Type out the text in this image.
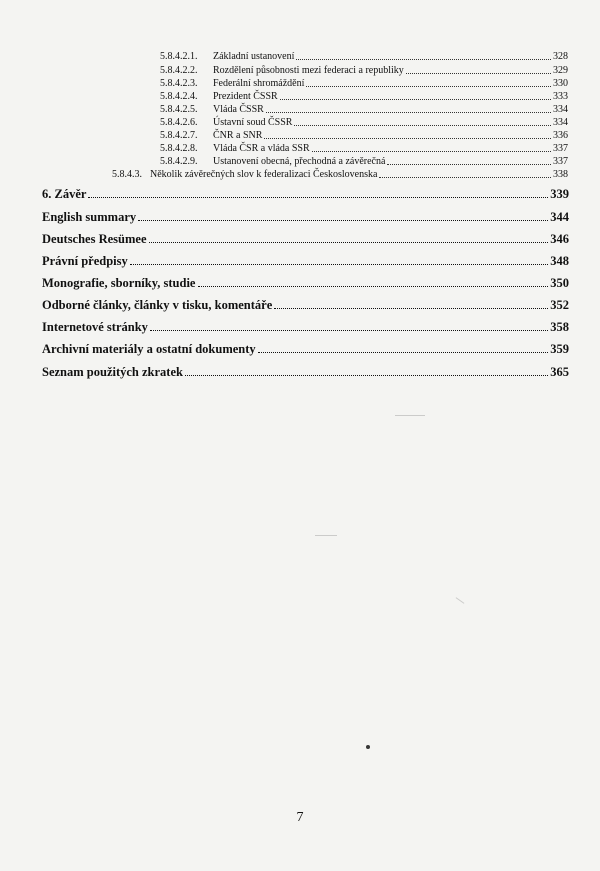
5.8.4.2.1.	Základní ustanovení	328
5.8.4.2.2.	Rozdělení působnosti mezi federaci a republiky	329
5.8.4.2.3.	Federální shromáždění	330
5.8.4.2.4.	Prezident ČSSR	333
5.8.4.2.5.	Vláda ČSSR	334
5.8.4.2.6.	Ústavní soud ČSSR	334
5.8.4.2.7.	ČNR a SNR	336
5.8.4.2.8.	Vláda ČSR a vláda SSR	337
5.8.4.2.9.	Ustanovení obecná, přechodná a závěrečná	337
5.8.4.3. Několik závěrečných slov k federalizaci Československa	338
6. Závěr	339
English summary	344
Deutsches Resümee	346
Právní předpisy	348
Monografie, sborníky, studie	350
Odborné články, články v tisku, komentáře	352
Internetové stránky	358
Archivní materiály a ostatní dokumenty	359
Seznam použitých zkratek	365
7
